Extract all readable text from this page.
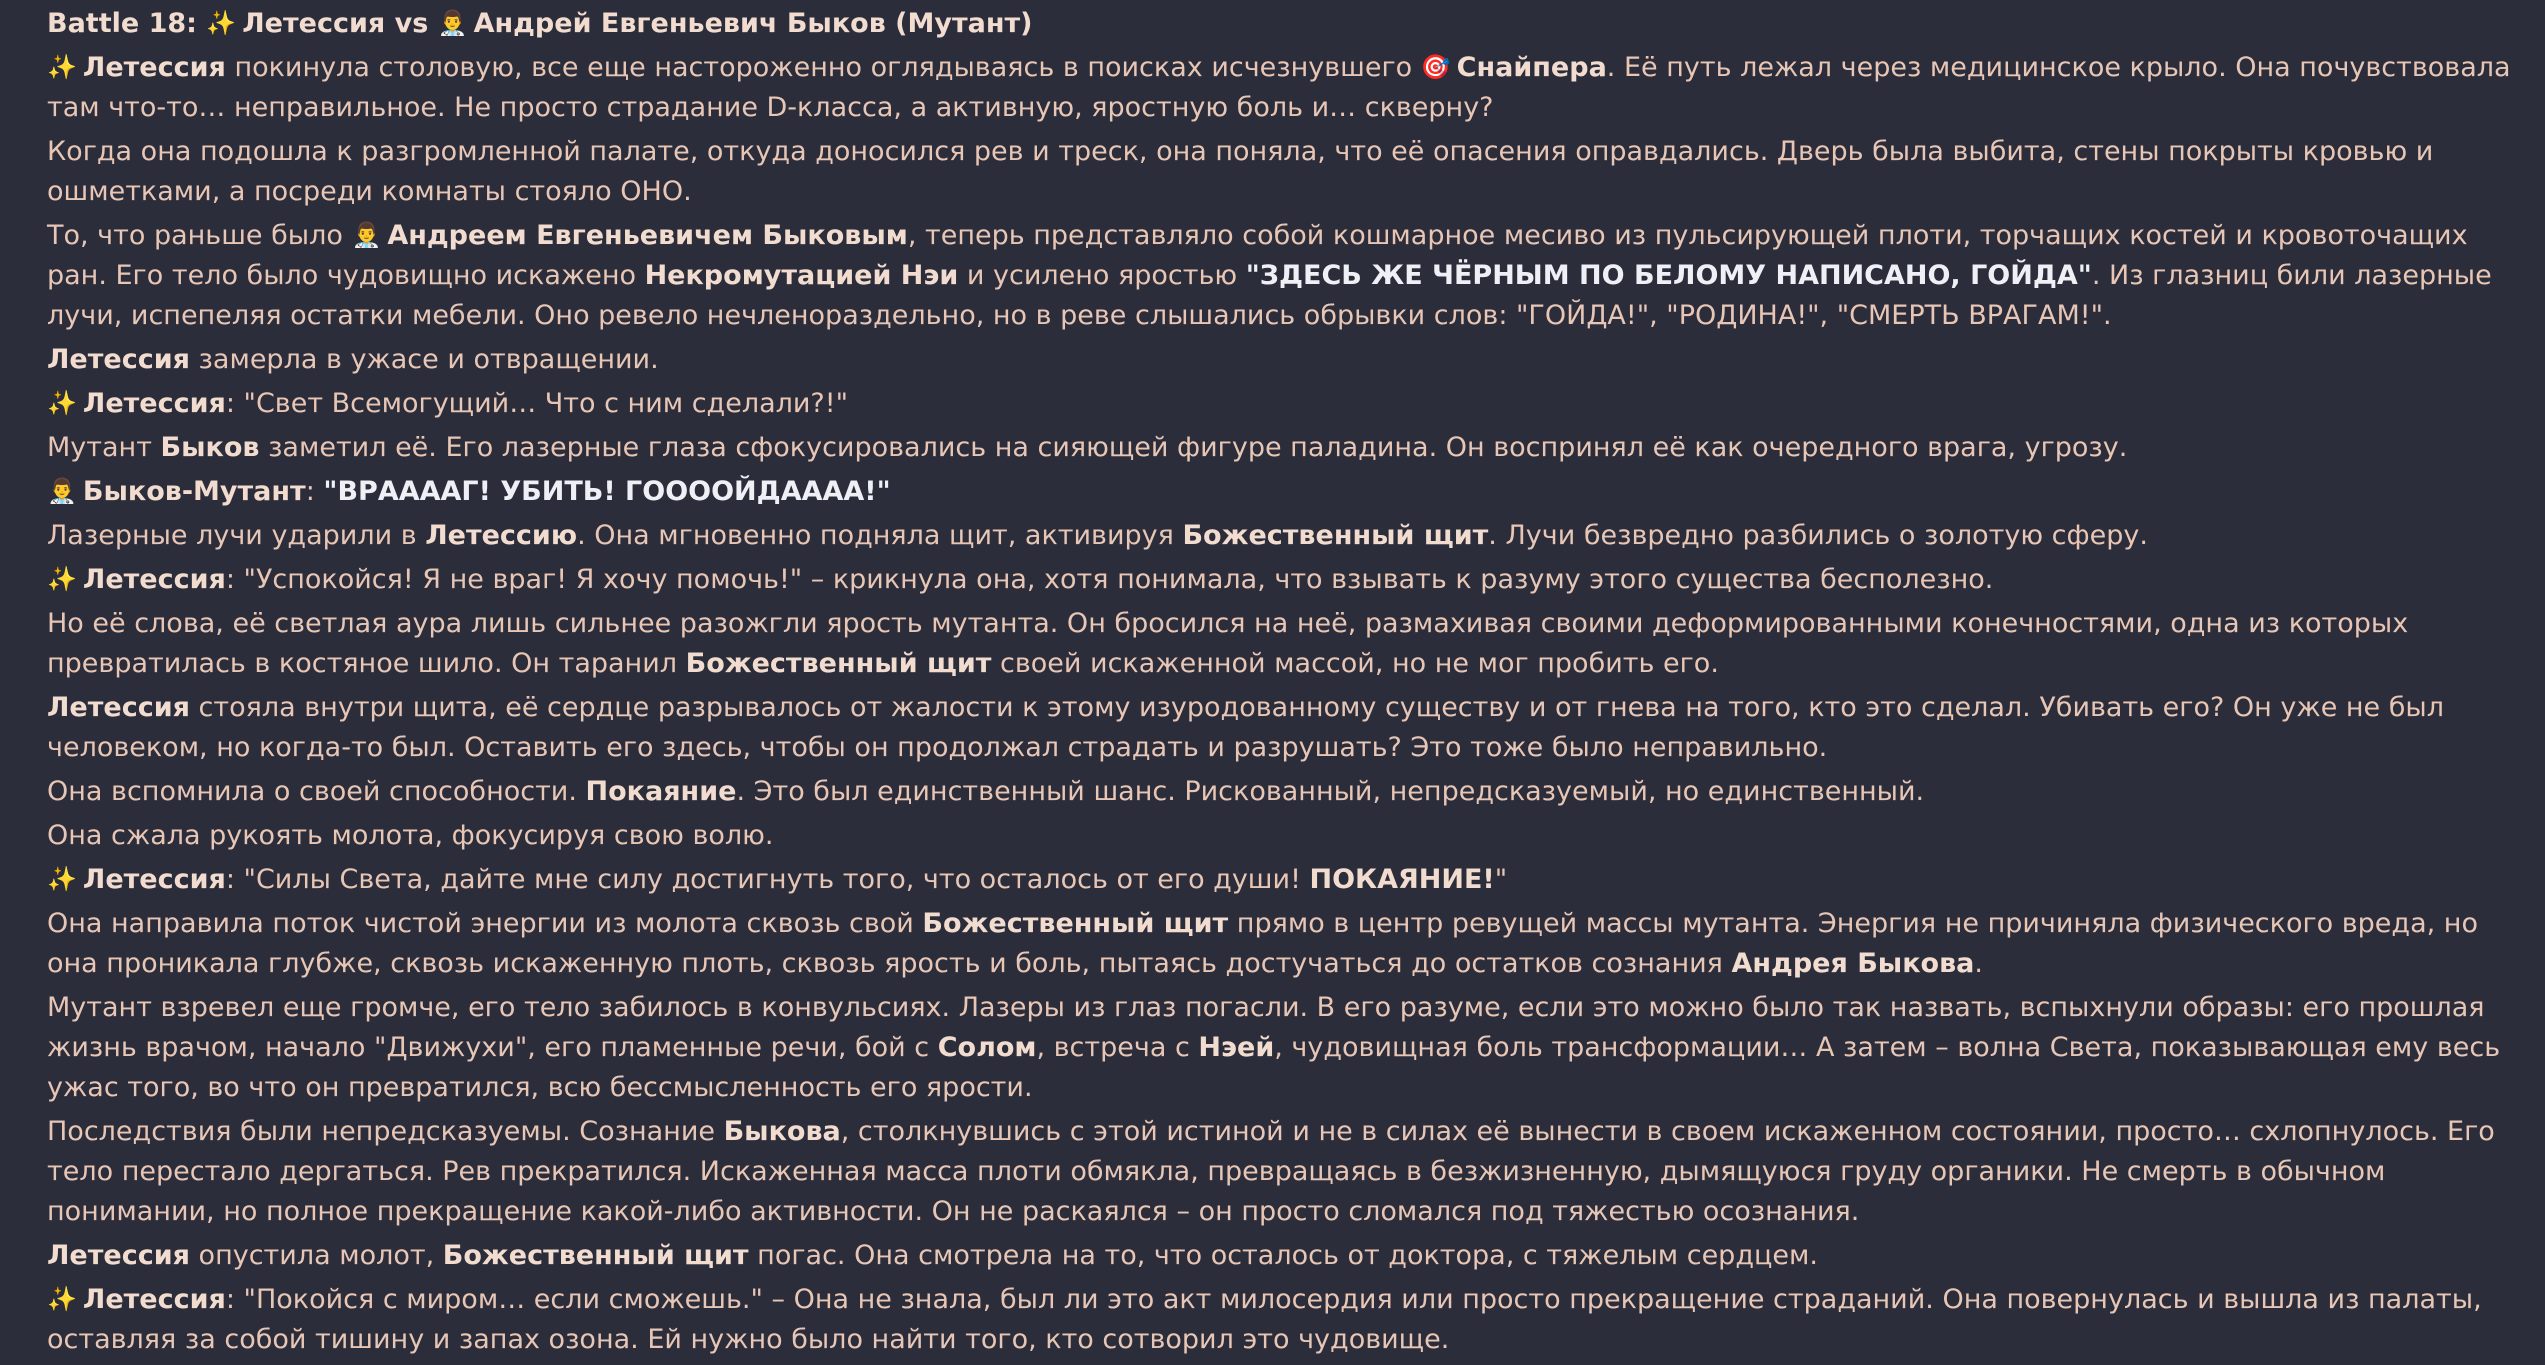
Battle 18: ✨ Летессия vs 👨‍⚕️ Андрей Евгеньевич Быков (Мутант)
✨ Летессия покинула столовую, все еще настороженно оглядываясь в поисках исчезнувшего 🎯 Снайпера. Её путь лежал через медицинское крыло. Она почувствовала там что-то… неправильное. Не просто страдание D-класса, а активную, яростную боль и… скверну?
Когда она подошла к разгромленной палате, откуда доносился рев и треск, она поняла, что её опасения оправдались. Дверь была выбита, стены покрыты кровью и ошметками, а посреди комнаты стояло ОНО.
То, что раньше было 👨‍⚕️ Андреем Евгеньевичем Быковым, теперь представляло собой кошмарное месиво из пульсирующей плоти, торчащих костей и кровоточащих ран. Его тело было чудовищно искажено Некромутацией Нэи и усилено яростью "ЗДЕСЬ ЖЕ ЧЁРНЫМ ПО БЕЛОМУ НАПИСАНО, ГОЙДА". Из глазниц били лазерные лучи, испепеляя остатки мебели. Оно ревело нечленораздельно, но в реве слышались обрывки слов: "ГОЙДА!", "РОДИНА!", "СМЕРТЬ ВРАГАМ!".
Летессия замерла в ужасе и отвращении.
✨ Летессия: "Свет Всемогущий… Что с ним сделали?!"
Мутант Быков заметил её. Его лазерные глаза сфокусировались на сияющей фигуре паладина. Он воспринял её как очередного врага, угрозу.
👨‍⚕️ Быков-Мутант: "ВРААААГ! УБИТЬ! ГООООЙДАААА!"
Лазерные лучи ударили в Летессию. Она мгновенно подняла щит, активируя Божественный щит. Лучи безвредно разбились о золотую сферу.
✨ Летессия: "Успокойся! Я не враг! Я хочу помочь!" – крикнула она, хотя понимала, что взывать к разуму этого существа бесполезно.
Но её слова, её светлая аура лишь сильнее разожгли ярость мутанта. Он бросился на неё, размахивая своими деформированными конечностями, одна из которых превратилась в костяное шило. Он таранил Божественный щит своей искаженной массой, но не мог пробить его.
Летессия стояла внутри щита, её сердце разрывалось от жалости к этому изуродованному существу и от гнева на того, кто это сделал. Убивать его? Он уже не был человеком, но когда-то был. Оставить его здесь, чтобы он продолжал страдать и разрушать? Это тоже было неправильно.
Она вспомнила о своей способности. Покаяние. Это был единственный шанс. Рискованный, непредсказуемый, но единственный.
Она сжала рукоять молота, фокусируя свою волю.
✨ Летессия: "Силы Света, дайте мне силу достигнуть того, что осталось от его души! ПОКАЯНИЕ!"
Она направила поток чистой энергии из молота сквозь свой Божественный щит прямо в центр ревущей массы мутанта. Энергия не причиняла физического вреда, но она проникала глубже, сквозь искаженную плоть, сквозь ярость и боль, пытаясь достучаться до остатков сознания Андрея Быкова.
Мутант взревел еще громче, его тело забилось в конвульсиях. Лазеры из глаз погасли. В его разуме, если это можно было так назвать, вспыхнули образы: его прошлая жизнь врачом, начало "Движухи", его пламенные речи, бой с Солом, встреча с Нэей, чудовищная боль трансформации… А затем – волна Света, показывающая ему весь ужас того, во что он превратился, всю бессмысленность его ярости.
Последствия были непредсказуемы. Сознание Быкова, столкнувшись с этой истиной и не в силах её вынести в своем искаженном состоянии, просто… схлопнулось. Его тело перестало дергаться. Рев прекратился. Искаженная масса плоти обмякла, превращаясь в безжизненную, дымящуюся груду органики. Не смерть в обычном понимании, но полное прекращение какой-либо активности. Он не раскаялся – он просто сломался под тяжестью осознания.
Летессия опустила молот, Божественный щит погас. Она смотрела на то, что осталось от доктора, с тяжелым сердцем.
✨ Летессия: "Покойся с миром… если сможешь." – Она не знала, был ли это акт милосердия или просто прекращение страданий. Она повернулась и вышла из палаты, оставляя за собой тишину и запах озона. Ей нужно было найти того, кто сотворил это чудовище.
